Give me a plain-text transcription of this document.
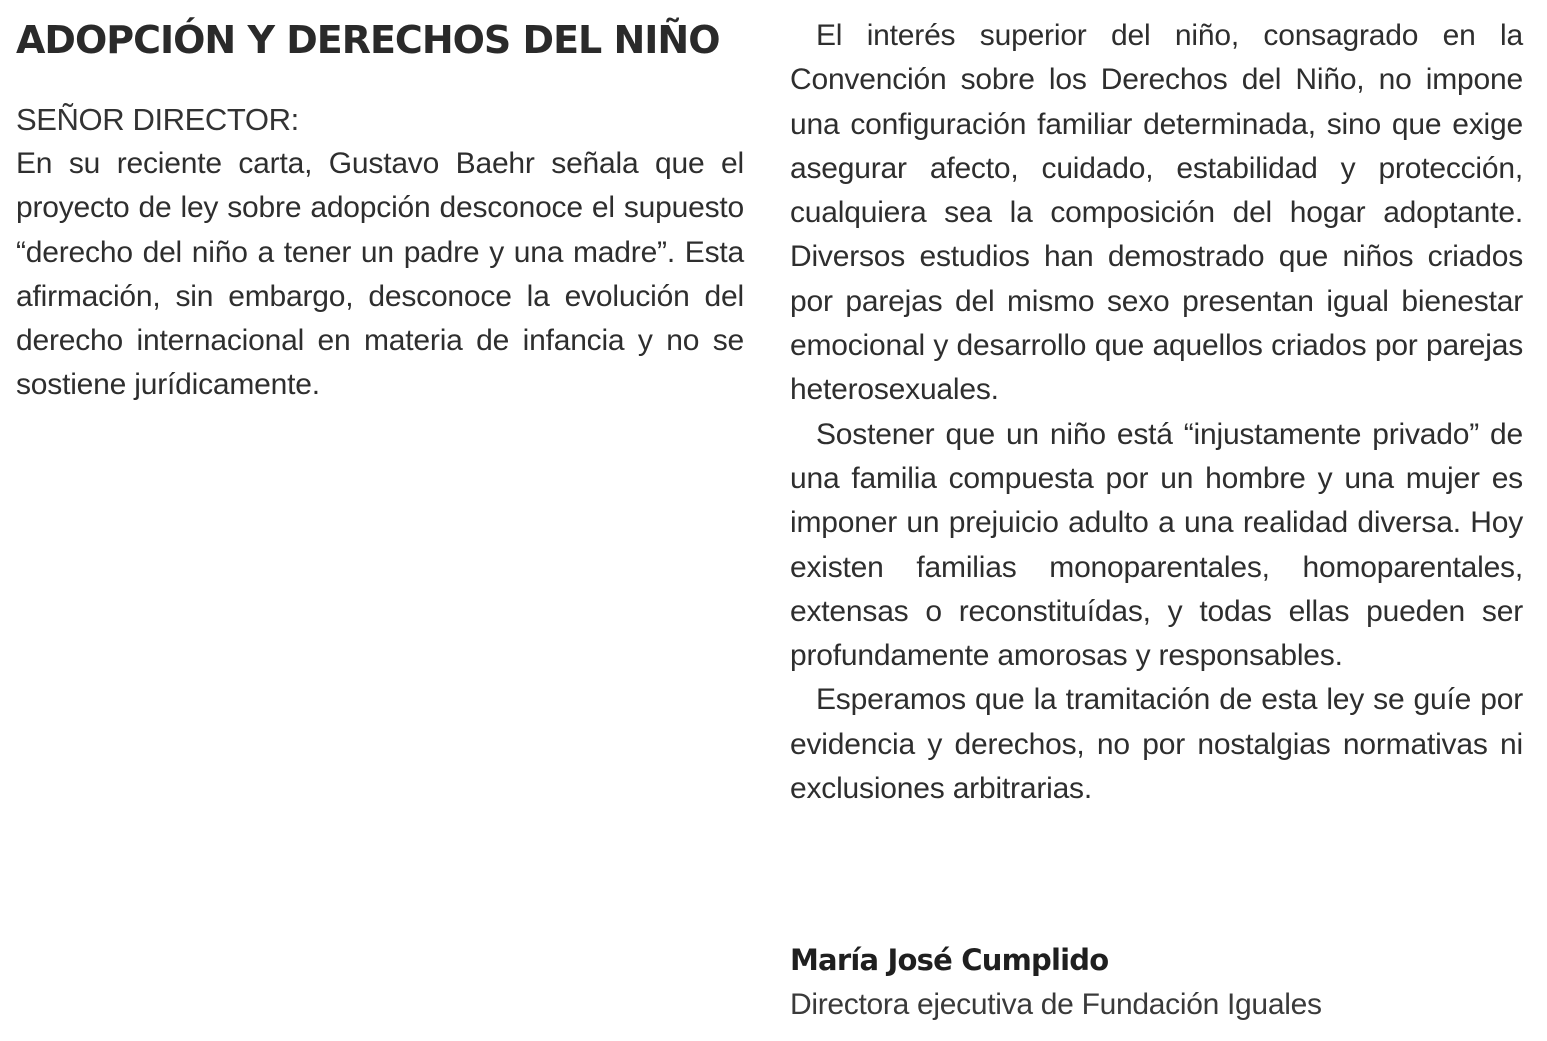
ADOPCIÓN Y DERECHOS DEL NIÑO
SEÑOR DIRECTOR:

En su reciente carta, Gustavo Baehr señala que el proyecto de ley sobre adopción desconoce el supuesto “derecho del niño a tener un padre y una madre”. Esta afirmación, sin embargo, desconoce la evolución del derecho internacional en materia de infancia y no se sostiene jurídicamente.

El interés superior del niño, consagrado en la Convención sobre los Derechos del Niño, no impone una configuración familiar determinada, sino que exige asegurar afecto, cuidado, estabilidad y protección, cualquiera sea la composición del hogar adoptante. Diversos estudios han demostrado que niños criados por parejas del mismo sexo presentan igual bienestar emocional y desarrollo que aquellos criados por parejas heterosexuales.

Sostener que un niño está “injustamente privado” de una familia compuesta por un hombre y una mujer es imponer un prejuicio adulto a una realidad diversa. Hoy existen familias monoparentales, homoparentales, extensas o reconstituídas, y todas ellas pueden ser profundamente amorosas y responsables.

Esperamos que la tramitación de esta ley se guíe por evidencia y derechos, no por nostalgias normativas ni exclusiones arbitrarias.

María José Cumplido
Directora ejecutiva de Fundación Iguales
